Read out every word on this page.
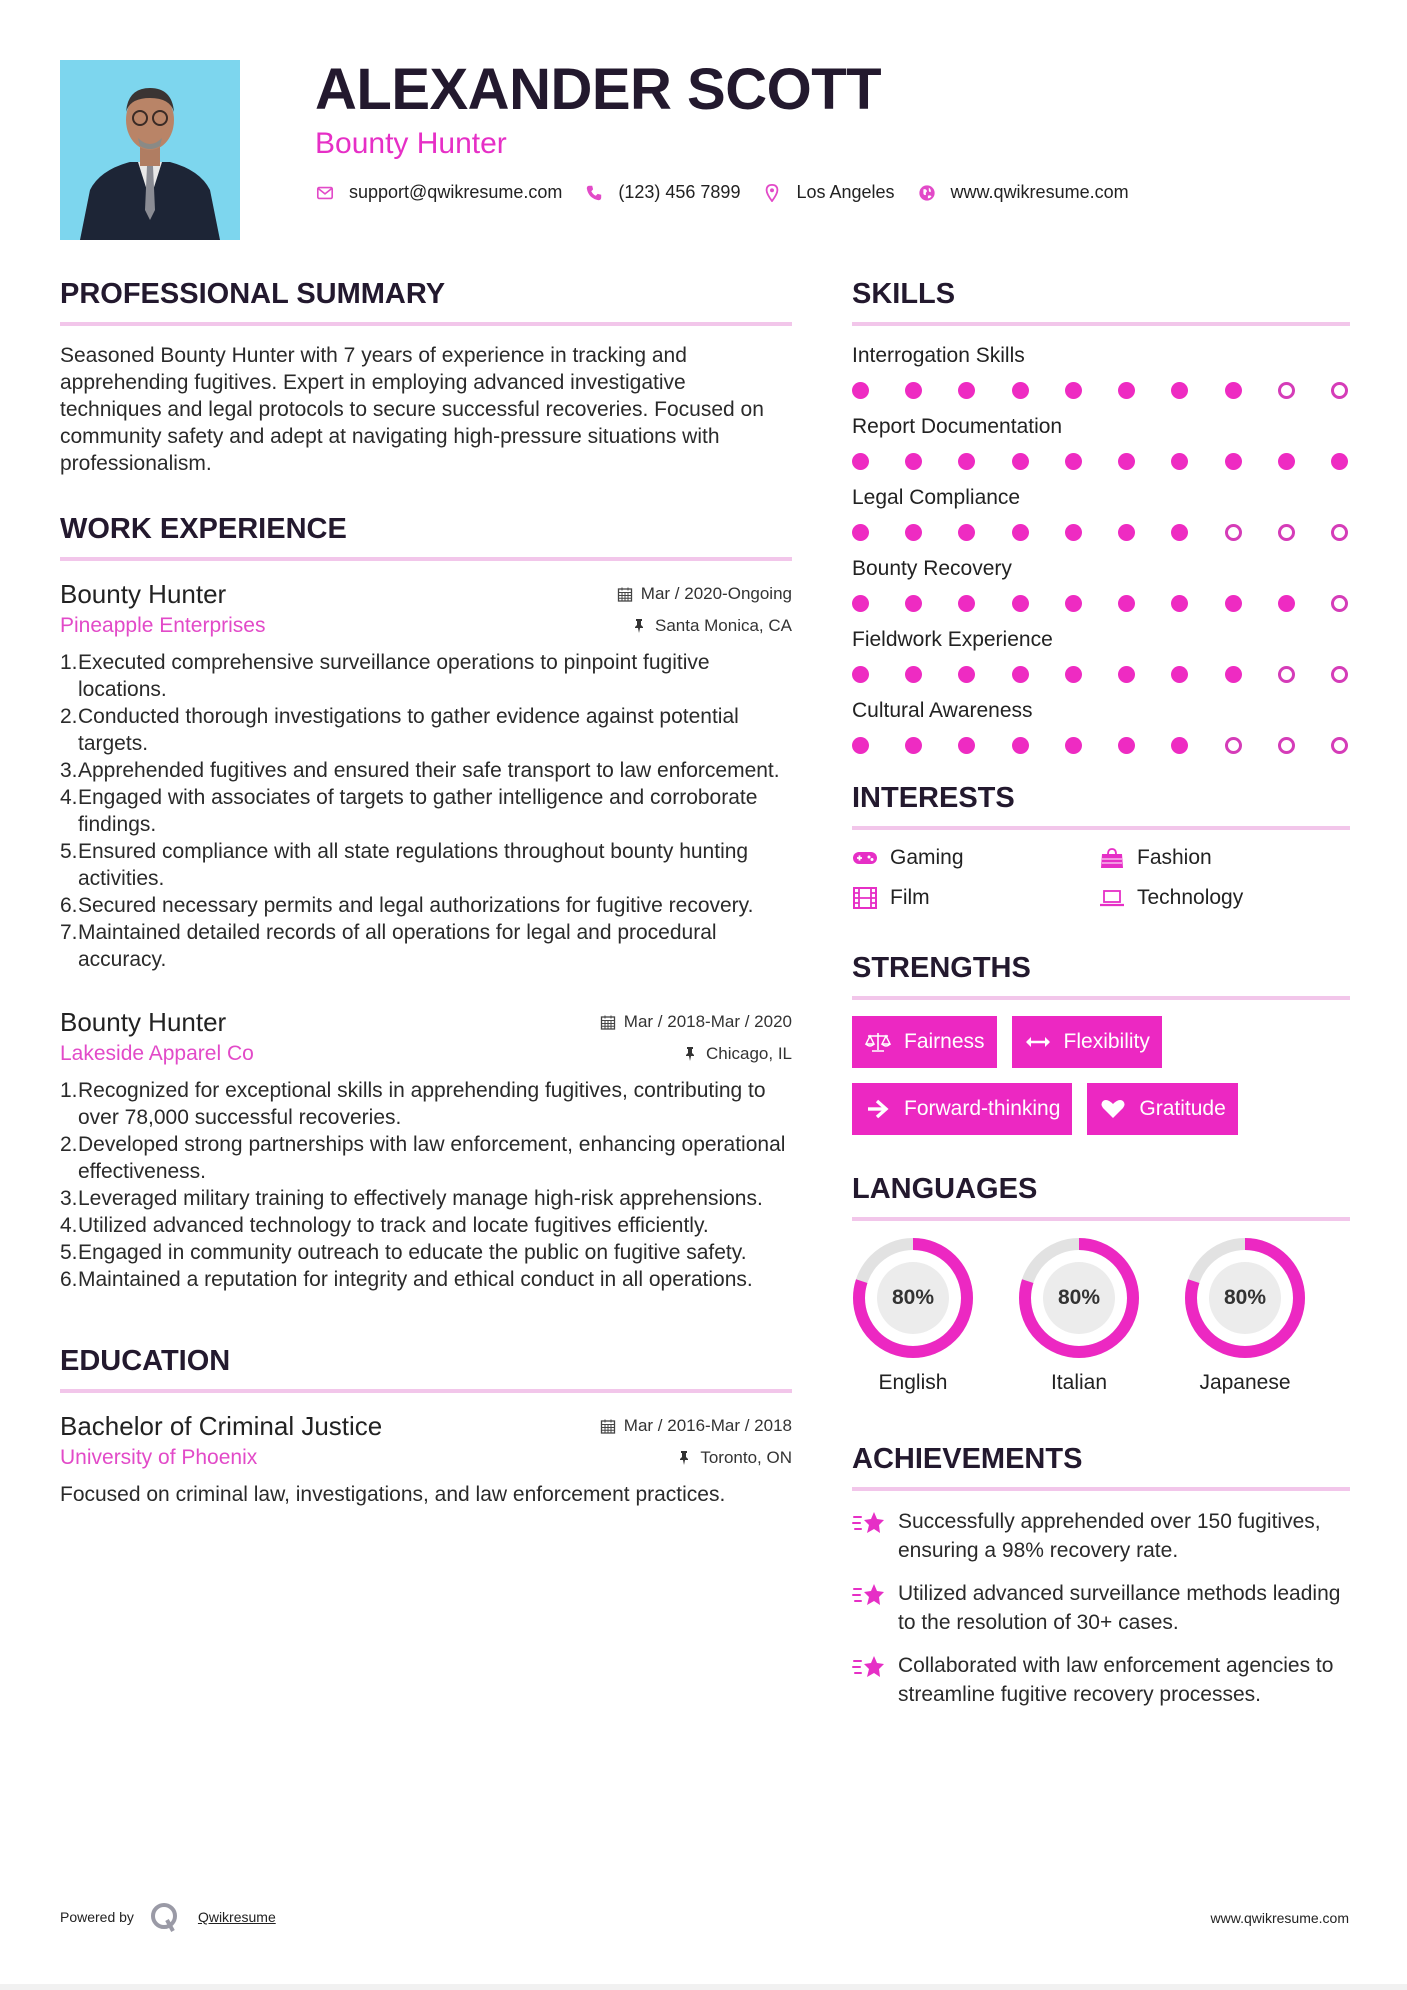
ALEXANDER SCOTT
Bounty Hunter
support@qwikresume.com	(123) 456 7899	Los Angeles	www.qwikresume.com
PROFESSIONAL SUMMARY

Seasoned Bounty Hunter with 7 years of experience in tracking and apprehending fugitives. Expert in employing advanced investigative techniques and legal protocols to secure successful recoveries. Focused on community safety and adept at navigating high-pressure situations with professionalism.

WORK EXPERIENCE
Bounty Hunter	Mar / 2020-Ongoing
Pineapple Enterprises	Santa Monica, CA
1. Executed comprehensive surveillance operations to pinpoint fugitive locations.
2. Conducted thorough investigations to gather evidence against potential targets.
3. Apprehended fugitives and ensured their safe transport to law enforcement.
4. Engaged with associates of targets to gather intelligence and corroborate findings.
5. Ensured compliance with all state regulations throughout bounty hunting activities.
6. Secured necessary permits and legal authorizations for fugitive recovery.
7. Maintained detailed records of all operations for legal and procedural accuracy.
Bounty Hunter	Mar / 2018-Mar / 2020
Lakeside Apparel Co	Chicago, IL
1. Recognized for exceptional skills in apprehending fugitives, contributing to over 78,000 successful recoveries.
2. Developed strong partnerships with law enforcement, enhancing operational effectiveness.
3. Leveraged military training to effectively manage high-risk apprehensions.
4. Utilized advanced technology to track and locate fugitives efficiently.
5. Engaged in community outreach to educate the public on fugitive safety.
6. Maintained a reputation for integrity and ethical conduct in all operations.
EDUCATION
Bachelor of Criminal Justice	Mar / 2016-Mar / 2018
University of Phoenix	Toronto, ON

Focused on criminal law, investigations, and law enforcement practices.

SKILLS
Interrogation Skills
Report Documentation
Legal Compliance
Bounty Recovery
Fieldwork Experience
Cultural Awareness
INTERESTS
Gaming	Fashion
Film	Technology
STRENGTHS
Fairness	Flexibility
Forward-thinking	Gratitude
LANGUAGES
80%
English
80%
Italian
80%
Japanese
ACHIEVEMENTS
Successfully apprehended over 150 fugitives, ensuring a 98% recovery rate.
Utilized advanced surveillance methods leading to the resolution of 30+ cases.
Collaborated with law enforcement agencies to streamline fugitive recovery processes.
Powered by	Qwikresume	www.qwikresume.com
